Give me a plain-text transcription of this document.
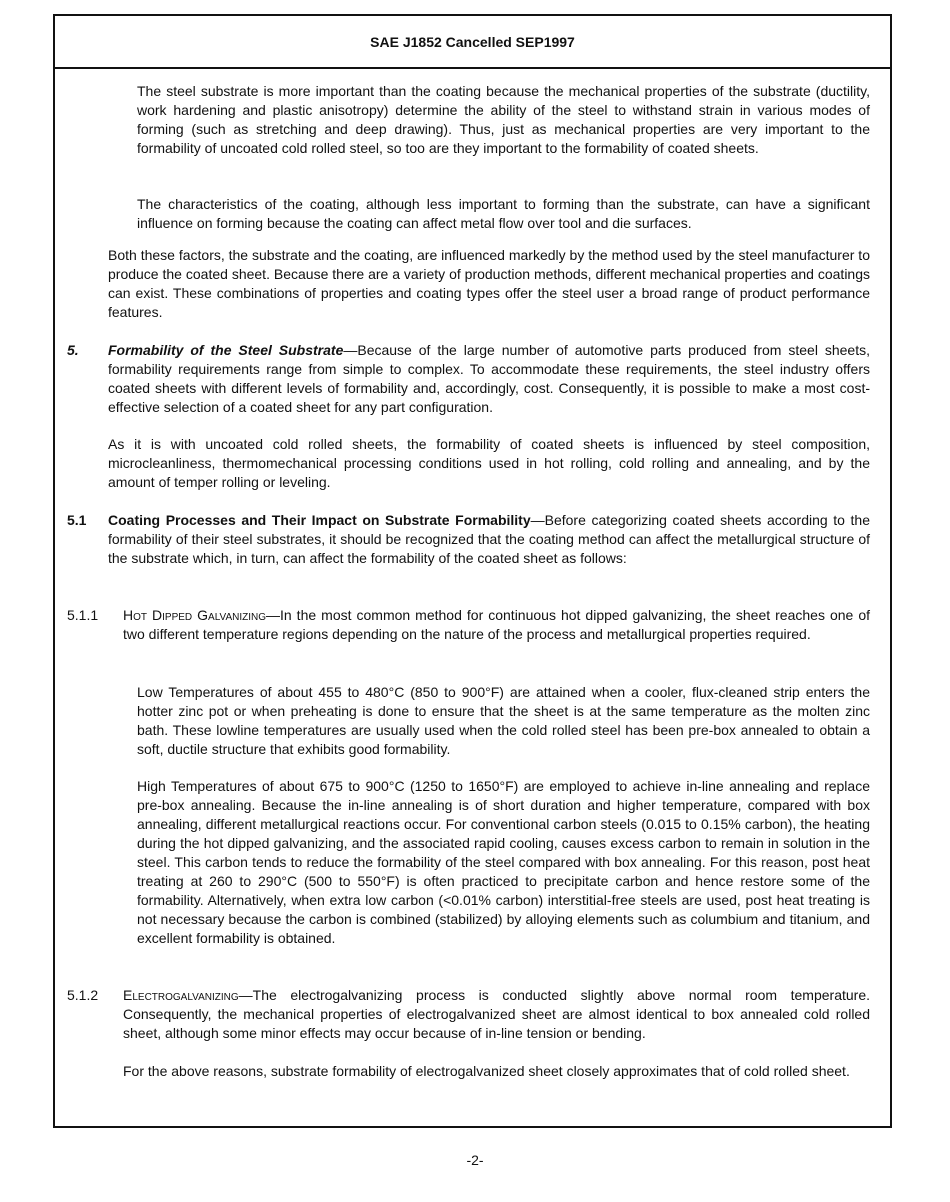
SAE J1852 Cancelled SEP1997

The steel substrate is more important than the coating because the mechanical properties of the substrate (ductility, work hardening and plastic anisotropy) determine the ability of the steel to withstand strain in various modes of forming (such as stretching and deep drawing). Thus, just as mechanical properties are very important to the formability of uncoated cold rolled steel, so too are they important to the formability of coated sheets.

The characteristics of the coating, although less important to forming than the substrate, can have a significant influence on forming because the coating can affect metal flow over tool and die surfaces.

Both these factors, the substrate and the coating, are influenced markedly by the method used by the steel manufacturer to produce the coated sheet. Because there are a variety of production methods, different mechanical properties and coatings can exist. These combinations of properties and coating types offer the steel user a broad range of product performance features.

5. Formability of the Steel Substrate—Because of the large number of automotive parts produced from steel sheets, formability requirements range from simple to complex. To accommodate these requirements, the steel industry offers coated sheets with different levels of formability and, accordingly, cost. Consequently, it is possible to make a most cost-effective selection of a coated sheet for any part configuration.

As it is with uncoated cold rolled sheets, the formability of coated sheets is influenced by steel composition, microcleanliness, thermomechanical processing conditions used in hot rolling, cold rolling and annealing, and by the amount of temper rolling or leveling.

5.1 Coating Processes and Their Impact on Substrate Formability—Before categorizing coated sheets according to the formability of their steel substrates, it should be recognized that the coating method can affect the metallurgical structure of the substrate which, in turn, can affect the formability of the coated sheet as follows:

5.1.1 Hot Dipped Galvanizing—In the most common method for continuous hot dipped galvanizing, the sheet reaches one of two different temperature regions depending on the nature of the process and metallurgical properties required.

Low Temperatures of about 455 to 480°C (850 to 900°F) are attained when a cooler, flux-cleaned strip enters the hotter zinc pot or when preheating is done to ensure that the sheet is at the same temperature as the molten zinc bath. These lowline temperatures are usually used when the cold rolled steel has been pre-box annealed to obtain a soft, ductile structure that exhibits good formability.

High Temperatures of about 675 to 900°C (1250 to 1650°F) are employed to achieve in-line annealing and replace pre-box annealing. Because the in-line annealing is of short duration and higher temperature, compared with box annealing, different metallurgical reactions occur. For conventional carbon steels (0.015 to 0.15% carbon), the heating during the hot dipped galvanizing, and the associated rapid cooling, causes excess carbon to remain in solution in the steel. This carbon tends to reduce the formability of the steel compared with box annealing. For this reason, post heat treating at 260 to 290°C (500 to 550°F) is often practiced to precipitate carbon and hence restore some of the formability. Alternatively, when extra low carbon (<0.01% carbon) interstitial-free steels are used, post heat treating is not necessary because the carbon is combined (stabilized) by alloying elements such as columbium and titanium, and excellent formability is obtained.

5.1.2 Electrogalvanizing—The electrogalvanizing process is conducted slightly above normal room temperature. Consequently, the mechanical properties of electrogalvanized sheet are almost identical to box annealed cold rolled sheet, although some minor effects may occur because of in-line tension or bending.

For the above reasons, substrate formability of electrogalvanized sheet closely approximates that of cold rolled sheet.

-2-
